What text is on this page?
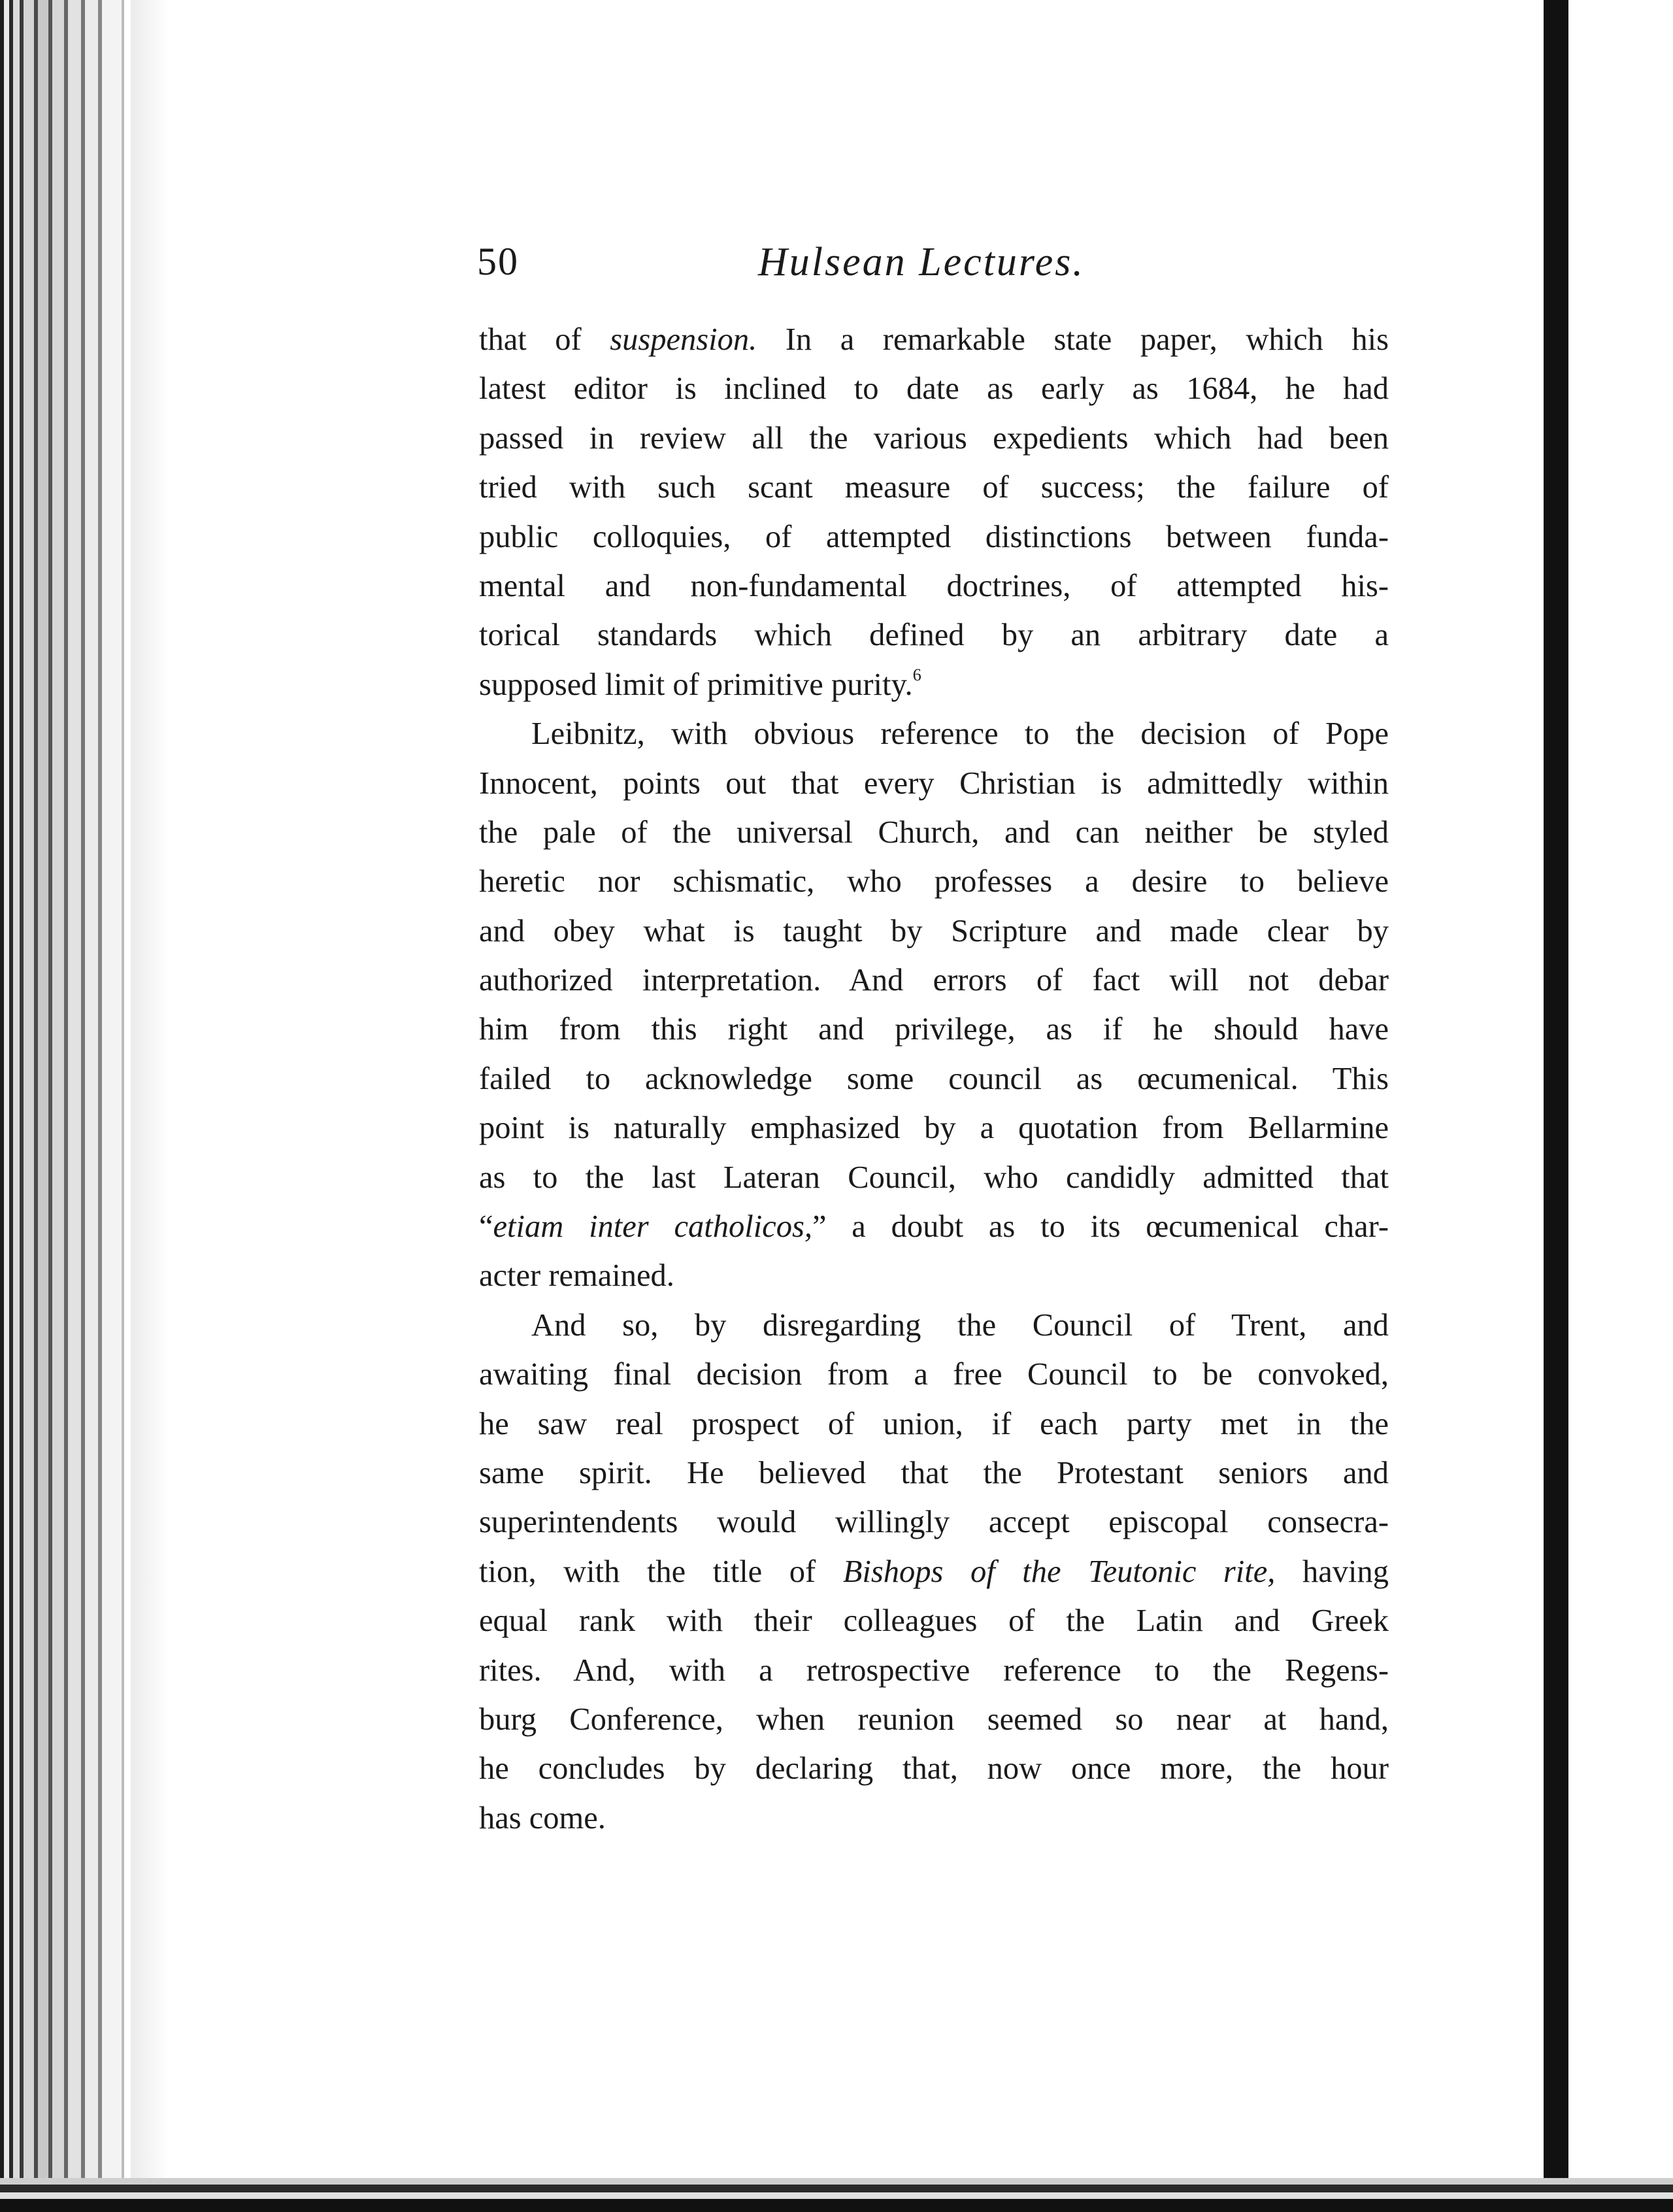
50	Hulsean Lectures.
that of suspension. In a remarkable state paper, which his
latest editor is inclined to date as early as 1684, he had
passed in review all the various expedients which had been
tried with such scant measure of success; the failure of
public colloquies, of attempted distinctions between funda-
mental and non-fundamental doctrines, of attempted his-
torical standards which defined by an arbitrary date a
supposed limit of primitive purity.$^6$
Leibnitz, with obvious reference to the decision of Pope
Innocent, points out that every Christian is admittedly within
the pale of the universal Church, and can neither be styled
heretic nor schismatic, who professes a desire to believe
and obey what is taught by Scripture and made clear by
authorized interpretation. And errors of fact will not debar
him from this right and privilege, as if he should have
failed to acknowledge some council as œcumenical. This
point is naturally emphasized by a quotation from Bellarmine
as to the last Lateran Council, who candidly admitted that
“etiam inter catholicos,” a doubt as to its œcumenical char-
acter remained.
And so, by disregarding the Council of Trent, and
awaiting final decision from a free Council to be convoked,
he saw real prospect of union, if each party met in the
same spirit. He believed that the Protestant seniors and
superintendents would willingly accept episcopal consecra-
tion, with the title of Bishops of the Teutonic rite, having
equal rank with their colleagues of the Latin and Greek
rites. And, with a retrospective reference to the Regens-
burg Conference, when reunion seemed so near at hand,
he concludes by declaring that, now once more, the hour
has come.
